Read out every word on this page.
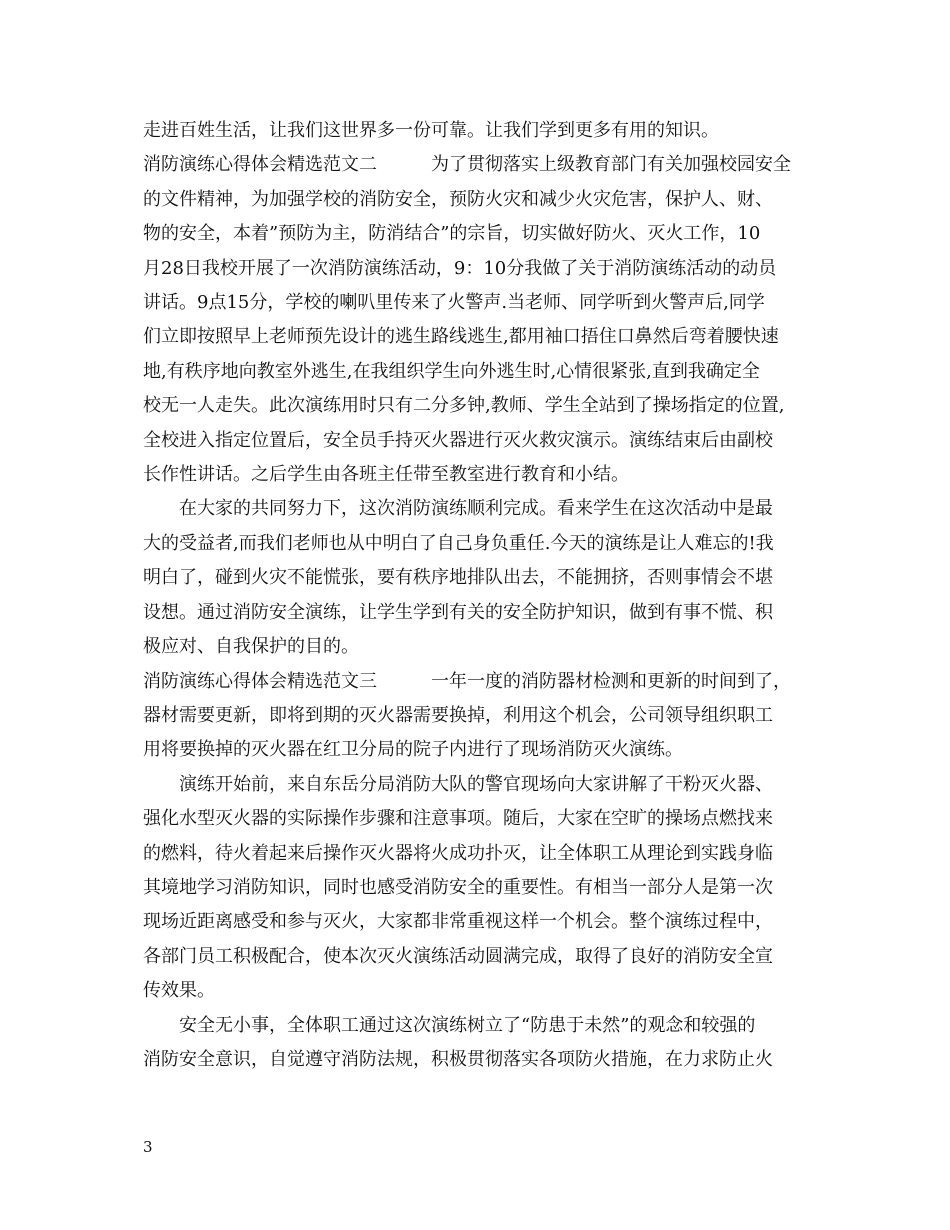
走进百姓生活，让我们这世界多一份可靠。让我们学到更多有用的知识。
消防演练心得体会精选范文二　　　为了贯彻落实上级教育部门有关加强校园安全
的文件精神，为加强学校的消防安全，预防火灾和减少火灾危害，保护人、财、
物的安全，本着”预防为主，防消结合”的宗旨，切实做好防火、灭火工作，10
月28日我校开展了一次消防演练活动，9：10分我做了关于消防演练活动的动员
讲话。9点15分，学校的喇叭里传来了火警声.当老师、同学听到火警声后,同学
们立即按照早上老师预先设计的逃生路线逃生,都用袖口捂住口鼻然后弯着腰快速
地,有秩序地向教室外逃生,在我组织学生向外逃生时,心情很紧张,直到我确定全
校无一人走失。此次演练用时只有二分多钟,教师、学生全站到了操场指定的位置,
全校进入指定位置后，安全员手持灭火器进行灭火救灾演示。演练结束后由副校
长作性讲话。之后学生由各班主任带至教室进行教育和小结。
在大家的共同努力下，这次消防演练顺利完成。看来学生在这次活动中是最
大的受益者,而我们老师也从中明白了自己身负重任.今天的演练是让人难忘的!我
明白了，碰到火灾不能慌张，要有秩序地排队出去，不能拥挤，否则事情会不堪
设想。通过消防安全演练，让学生学到有关的安全防护知识，做到有事不慌、积
极应对、自我保护的目的。
消防演练心得体会精选范文三　　　一年一度的消防器材检测和更新的时间到了，
器材需要更新，即将到期的灭火器需要换掉，利用这个机会，公司领导组织职工
用将要换掉的灭火器在红卫分局的院子内进行了现场消防灭火演练。
演练开始前，来自东岳分局消防大队的警官现场向大家讲解了干粉灭火器、
强化水型灭火器的实际操作步骤和注意事项。随后，大家在空旷的操场点燃找来
的燃料，待火着起来后操作灭火器将火成功扑灭，让全体职工从理论到实践身临
其境地学习消防知识，同时也感受消防安全的重要性。有相当一部分人是第一次
现场近距离感受和参与灭火，大家都非常重视这样一个机会。整个演练过程中，
各部门员工积极配合，使本次灭火演练活动圆满完成，取得了良好的消防安全宣
传效果。
安全无小事，全体职工通过这次演练树立了“防患于未然”的观念和较强的
消防安全意识，自觉遵守消防法规，积极贯彻落实各项防火措施，在力求防止火
3
